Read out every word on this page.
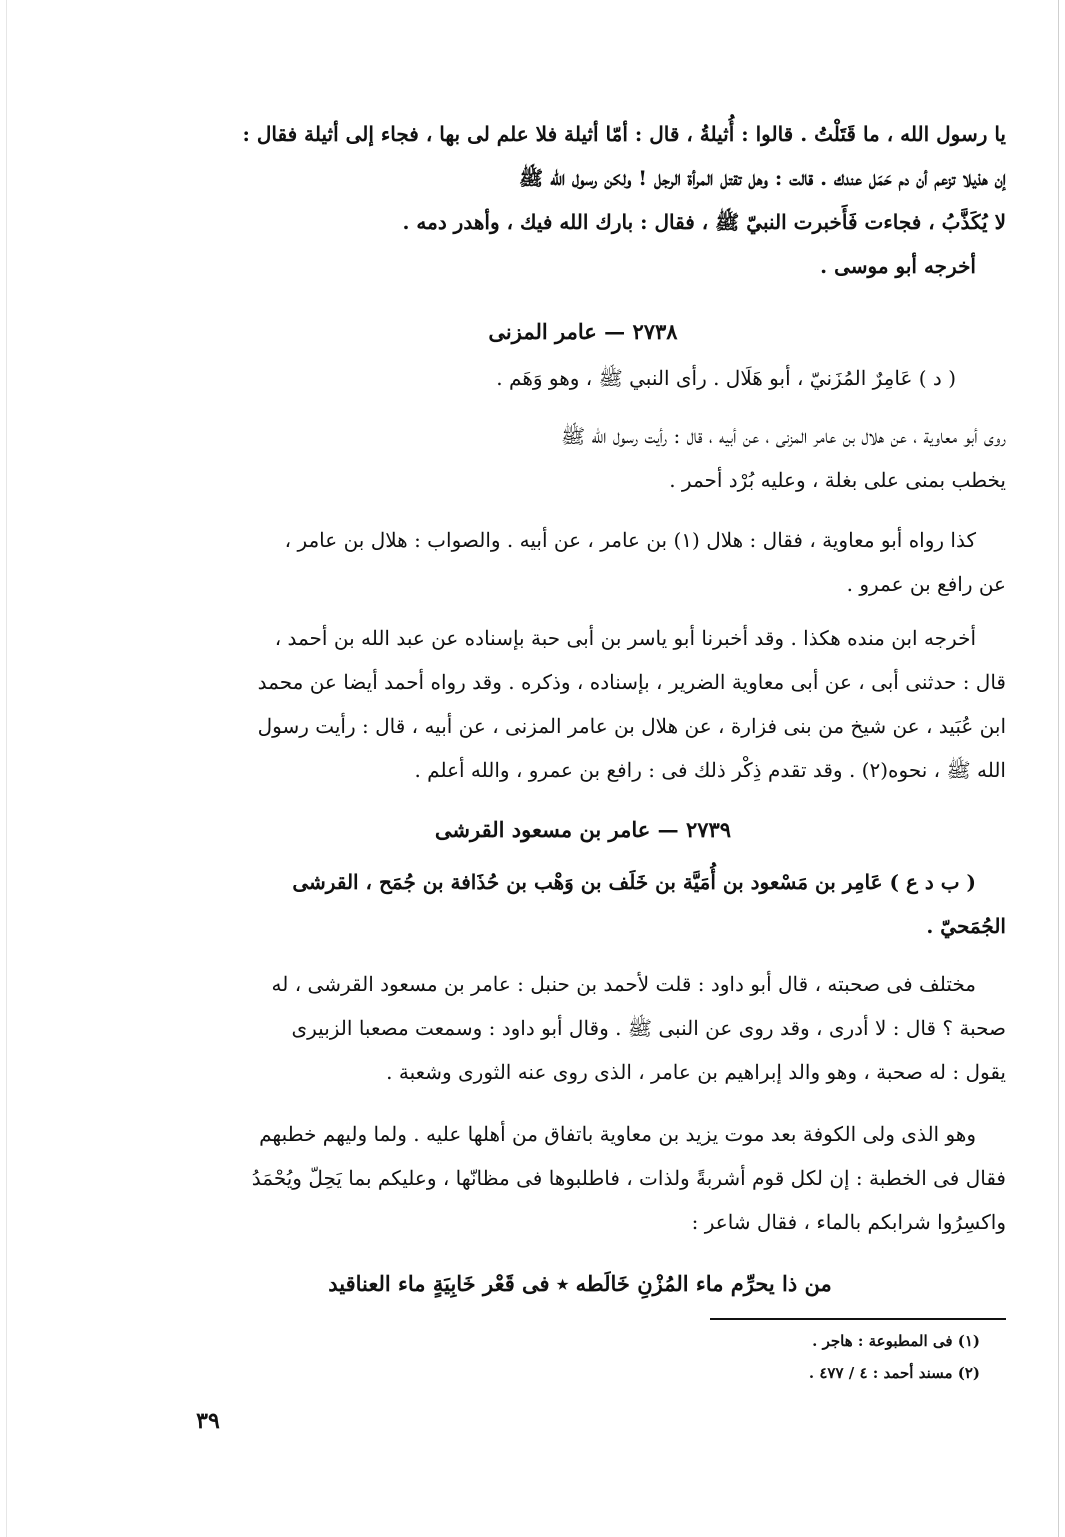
يا رسول الله ، ما قَتَلْتُ . قالوا : أُثيلةُ ، قال : أمّا أثيلة فلا علم لى بها ، فجاء إلى أثيلة فقال :
إن هذيلا تزعم أن دم حَمَل عندك . قالت : وهل تقتل المرأة الرجل ! ولكن رسول الله ﷺ
لا يُكَذَّبُ ، فجاءت فَأَخبرت النبيّ ﷺ ، فقال : بارك الله فيك ، وأهدر دمه .
أخرجه أبو موسى .
٢٧٣٨ — عامر المزنى
( د ) عَامِرٌ المُزَنيّ ، أبو هَلَال . رأى النبي ﷺ ، وهو وَهَم .
روى أبو معاوية ، عن هلال بن عامر المزنى ، عن أبيه ، قال : رأيت رسول الله ﷺ
يخطب بمنى على بغلة ، وعليه بُرْد أحمر .
كذا رواه أبو معاوية ، فقال : هلال (١) بن عامر ، عن أبيه . والصواب : هلال بن عامر ،
عن رافع بن عمرو .
أخرجه ابن منده هكذا . وقد أخبرنا أبو ياسر بن أبى حبة بإسناده عن عبد الله بن أحمد ،
قال : حدثنى أبى ، عن أبى معاوية الضرير ، بإسناده ، وذكره . وقد رواه أحمد أيضا عن محمد
ابن عُبَيد ، عن شيخ من بنى فزارة ، عن هلال بن عامر المزنى ، عن أبيه ، قال : رأيت رسول
الله ﷺ ، نحوه(٢) . وقد تقدم ذِكْر ذلك فى : رافع بن عمرو ، والله أعلم .
٢٧٣٩ — عامر بن مسعود القرشى
( ب د ع ) عَامِر بن مَسْعود بن أُمَيَّة بن خَلَف بن وَهْب بن حُذَافة بن جُمَح ، القرشى
الجُمَحيّ .
مختلف فى صحبته ، قال أبو داود : قلت لأحمد بن حنبل : عامر بن مسعود القرشى ، له
صحبة ؟ قال : لا أدرى ، وقد روى عن النبى ﷺ . وقال أبو داود : وسمعت مصعبا الزبيرى
يقول : له صحبة ، وهو والد إبراهيم بن عامر ، الذى روى عنه الثورى وشعبة .
وهو الذى ولى الكوفة بعد موت يزيد بن معاوية باتفاق من أهلها عليه . ولما وليهم خطبهم
فقال فى الخطبة : إن لكل قوم أشربةً ولذات ، فاطلبوها فى مظانّها ، وعليكم بما يَحِلّ ويُحْمَدُ
واكسِرُوا شرابكم بالماء ، فقال شاعر :
من ذا يحرِّم ماء المُزْنِ خَالَطه ٭ فى قَعْر خَابِيَةٍ ماء العناقيد
(١) فى المطبوعة : هاجر .
(٢) مسند أحمد : ٤ / ٤٧٧ .
٣٩
